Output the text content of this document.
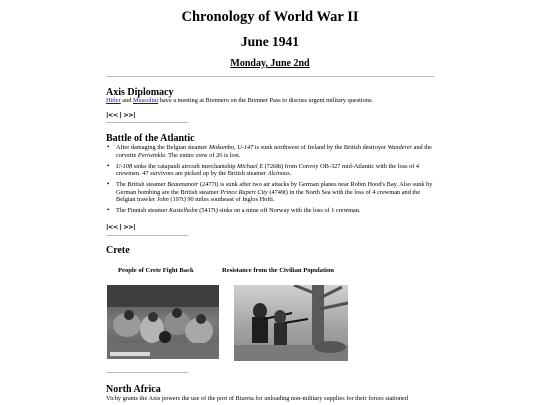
Chronology of World War II
June 1941
Monday, June 2nd
Axis Diplomacy

Hitler and Mussolini have a meeting at Brennero on the Brenner Pass to discuss urgent military questions.

|<< | >>|
Battle of the Atlantic
• After damaging the Belgian steamer Mokambo, U-147 is sunk northwest of Ireland by the British destroyer Wanderer and the corvette Periwinkle. The entire crew of 26 is lost.
• U-108 sinks the catapault aircraft merchantship Michael E (7268t) from Convoy OB-327 mid-Atlantic with the loss of 4 crewmen. 47 survivors are picked up by the British steamer Alcinous.
• The British steamer Beaumanoir (2477t) is sunk after two air attacks by German planes near Robin Hood's Bay. Also sunk by German bombing are the British steamer Prince Rupert City (4749t) in the North Sea with the loss of 4 crewman and the Belgian trawler John (197t) 90 miles southeast of Inglos Hofti.
• The Finnish steamer Kastelholm (5417t) sinks on a mine off Norway with the loss of 1 crewman.
|<< | >>|
Crete
People of Crete Fight Back	Resistance from the Civilian Population
North Africa

Vichy grants the Axis powers the use of the port of Bizerta for unloading non-military supplies for their forces stationed
